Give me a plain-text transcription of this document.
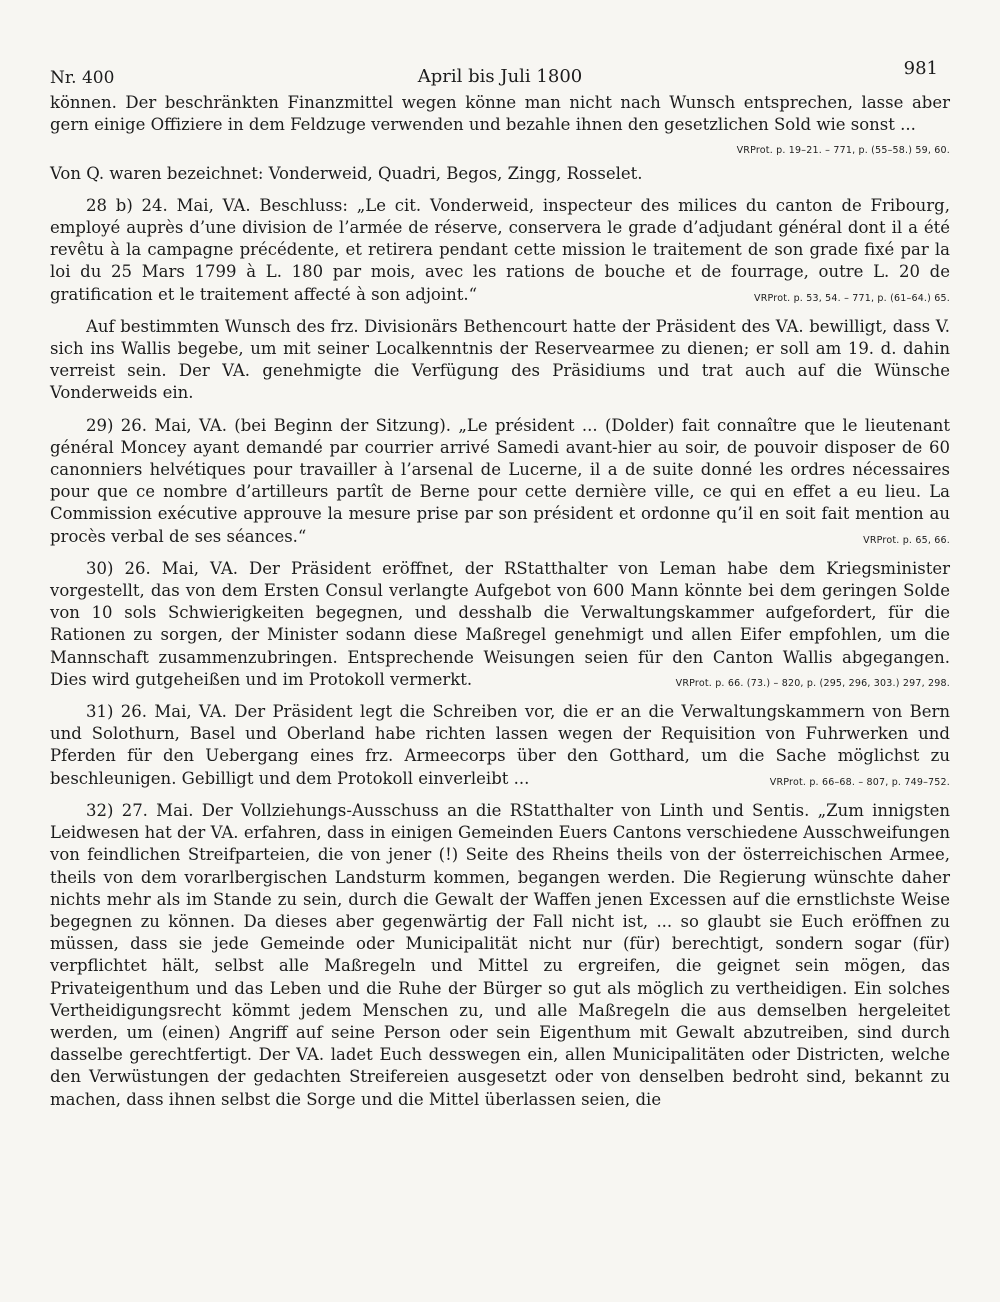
Nr. 400	April bis Juli 1800	981

können. Der beschränkten Finanzmittel wegen könne man nicht nach Wunsch entsprechen, lasse aber gern einige Offiziere in dem Feldzuge verwenden und bezahle ihnen den gesetzlichen Sold wie sonst ...
VRProt. p. 19–21. – 771, p. (55–58.) 59, 60.

Von Q. waren bezeichnet: Vonderweid, Quadri, Begos, Zingg, Rosselet.

28 b) 24. Mai, VA. Beschluss: „Le cit. Vonderweid, inspecteur des milices du canton de Fribourg, employé auprès d’une division de l’armée de réserve, conservera le grade d’adjudant général dont il a été revêtu à la campagne précédente, et retirera pendant cette mission le traitement de son grade fixé par la loi du 25 Mars 1799 à L. 180 par mois, avec les rations de bouche et de fourrage, outre L. 20 de gratification et le traitement affecté à son adjoint.“	VRProt. p. 53, 54. – 771, p. (61–64.) 65.

Auf bestimmten Wunsch des frz. Divisionärs Bethencourt hatte der Präsident des VA. bewilligt, dass V. sich ins Wallis begebe, um mit seiner Localkenntnis der Reservearmee zu dienen; er soll am 19. d. dahin verreist sein. Der VA. genehmigte die Verfügung des Präsidiums und trat auch auf die Wünsche Vonderweids ein.

29) 26. Mai, VA. (bei Beginn der Sitzung). „Le président ... (Dolder) fait connaître que le lieutenant général Moncey ayant demandé par courrier arrivé Samedi avant-hier au soir, de pouvoir disposer de 60 canonniers helvétiques pour travailler à l’arsenal de Lucerne, il a de suite donné les ordres nécessaires pour que ce nombre d’artilleurs partît de Berne pour cette dernière ville, ce qui en effet a eu lieu. La Commission exécutive approuve la mesure prise par son président et ordonne qu’il en soit fait mention au procès verbal de ses séances.“	VRProt. p. 65, 66.

30) 26. Mai, VA. Der Präsident eröffnet, der RStatthalter von Leman habe dem Kriegsminister vorgestellt, das von dem Ersten Consul verlangte Aufgebot von 600 Mann könnte bei dem geringen Solde von 10 sols Schwierigkeiten begegnen, und desshalb die Verwaltungskammer aufgefordert, für die Rationen zu sorgen, der Minister sodann diese Maßregel genehmigt und allen Eifer empfohlen, um die Mannschaft zusammenzubringen. Entsprechende Weisungen seien für den Canton Wallis abgegangen. Dies wird gutgeheißen und im Protokoll vermerkt.	VRProt. p. 66. (73.) – 820, p. (295, 296, 303.) 297, 298.

31) 26. Mai, VA. Der Präsident legt die Schreiben vor, die er an die Verwaltungskammern von Bern und Solothurn, Basel und Oberland habe richten lassen wegen der Requisition von Fuhrwerken und Pferden für den Uebergang eines frz. Armeecorps über den Gotthard, um die Sache möglichst zu beschleunigen. Gebilligt und dem Protokoll einverleibt ...	VRProt. p. 66–68. – 807, p. 749–752.

32) 27. Mai. Der Vollziehungs-Ausschuss an die RStatthalter von Linth und Sentis. „Zum innigsten Leidwesen hat der VA. erfahren, dass in einigen Gemeinden Euers Cantons verschiedene Ausschweifungen von feindlichen Streifparteien, die von jener (!) Seite des Rheins theils von der österreichischen Armee, theils von dem vorarlbergischen Landsturm kommen, begangen werden. Die Regierung wünschte daher nichts mehr als im Stande zu sein, durch die Gewalt der Waffen jenen Excessen auf die ernstlichste Weise begegnen zu können. Da dieses aber gegenwärtig der Fall nicht ist, ... so glaubt sie Euch eröffnen zu müssen, dass sie jede Gemeinde oder Municipalität nicht nur (für) berechtigt, sondern sogar (für) verpflichtet hält, selbst alle Maßregeln und Mittel zu ergreifen, die geignet sein mögen, das Privateigenthum und das Leben und die Ruhe der Bürger so gut als möglich zu vertheidigen. Ein solches Vertheidigungsrecht kömmt jedem Menschen zu, und alle Maßregeln die aus demselben hergeleitet werden, um (einen) Angriff auf seine Person oder sein Eigenthum mit Gewalt abzutreiben, sind durch dasselbe gerechtfertigt. Der VA. ladet Euch desswegen ein, allen Municipalitäten oder Districten, welche den Verwüstungen der gedachten Streifereien ausgesetzt oder von denselben bedroht sind, bekannt zu machen, dass ihnen selbst die Sorge und die Mittel überlassen seien, die
